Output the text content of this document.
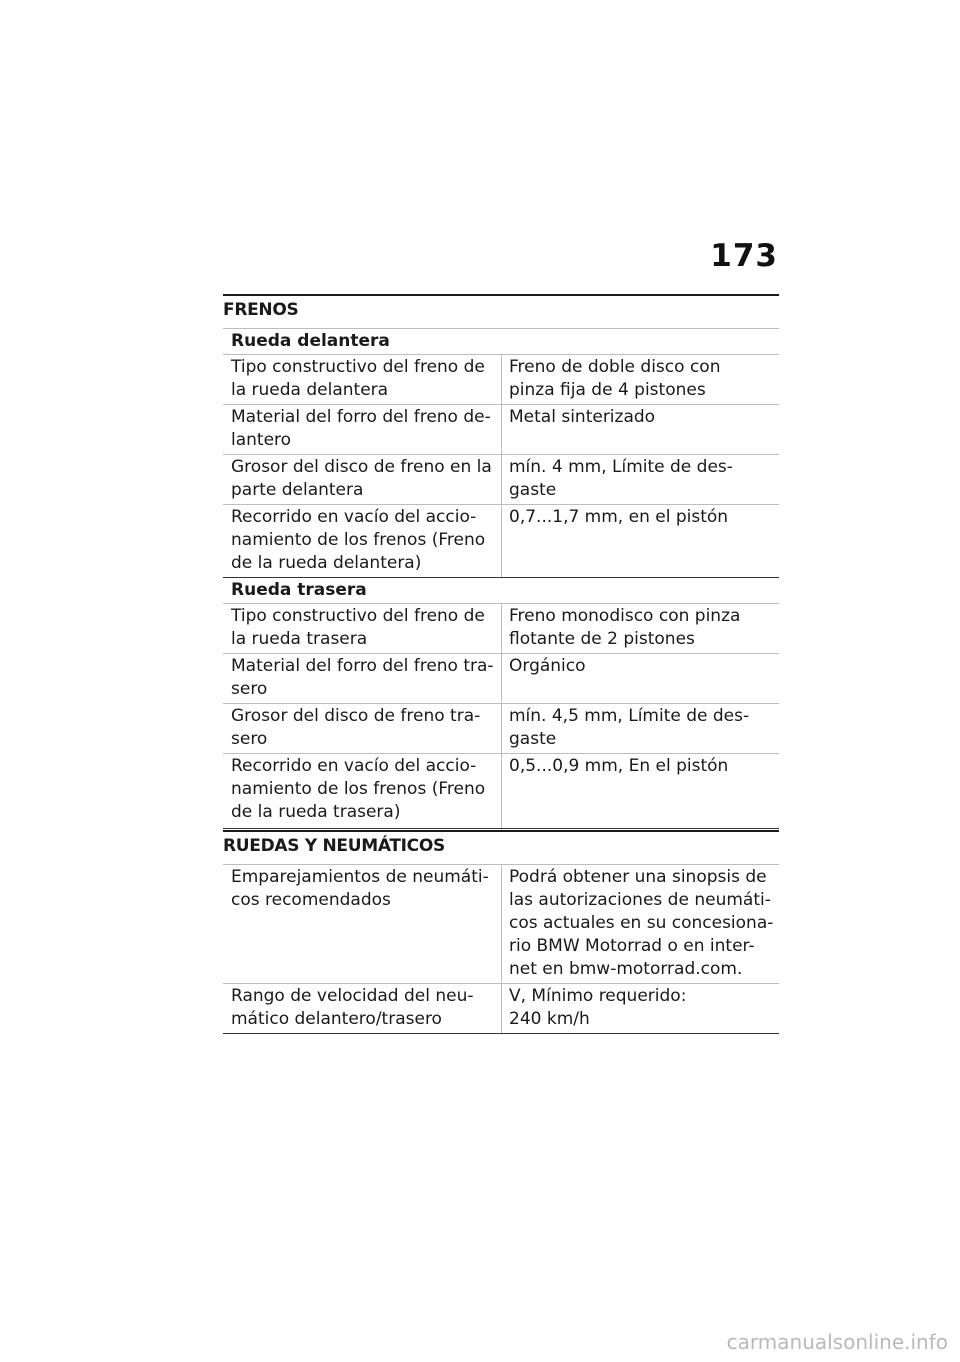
173
FRENOS
Rueda delantera
Tipo constructivo del freno de
la rueda delantera
Freno de doble disco con
pinza fija de 4 pistones
Material del forro del freno de-
lantero
Metal sinterizado
Grosor del disco de freno en la
parte delantera
mín. 4 mm, Límite de des-
gaste
Recorrido en vacío del accio-
namiento de los frenos (Freno
de la rueda delantera)
0,7...1,7 mm, en el pistón
Rueda trasera
Tipo constructivo del freno de
la rueda trasera
Freno monodisco con pinza
flotante de 2 pistones
Material del forro del freno tra-
sero
Orgánico
Grosor del disco de freno tra-
sero
mín. 4,5 mm, Límite de des-
gaste
Recorrido en vacío del accio-
namiento de los frenos (Freno
de la rueda trasera)
0,5...0,9 mm, En el pistón
RUEDAS Y NEUMÁTICOS
Emparejamientos de neumáti-
cos recomendados
Podrá obtener una sinopsis de
las autorizaciones de neumáti-
cos actuales en su concesiona-
rio BMW Motorrad o en inter-
net en bmw-motorrad.com.
Rango de velocidad del neu-
mático delantero/trasero
V, Mínimo requerido:
240 km/h
carmanualsonline.info
